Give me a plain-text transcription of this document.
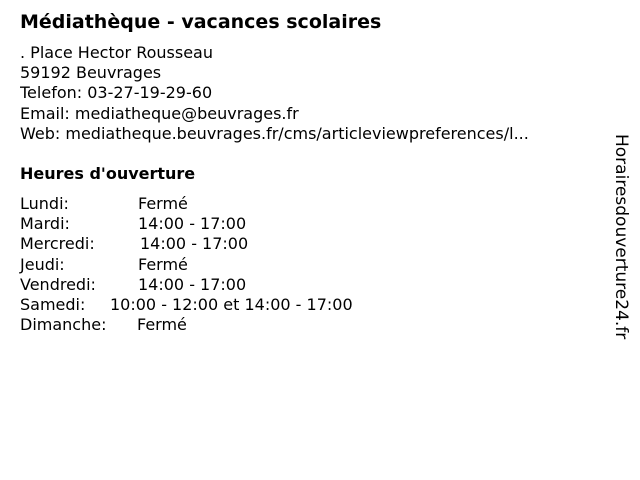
Médiathèque - vacances scolaires
. Place Hector Rousseau
59192 Beuvrages
Telefon: 03-27-19-29-60
Email: mediatheque@beuvrages.fr
Web: mediatheque.beuvrages.fr/cms/articleviewpreferences/l...
Heures d'ouverture
Lundi:	Fermé
Mardi:	14:00 - 17:00
Mercredi:	14:00 - 17:00
Jeudi:	Fermé
Vendredi:	14:00 - 17:00
Samedi:	10:00 - 12:00 et 14:00 - 17:00
Dimanche:	Fermé	Horairesdouverture24.fr
